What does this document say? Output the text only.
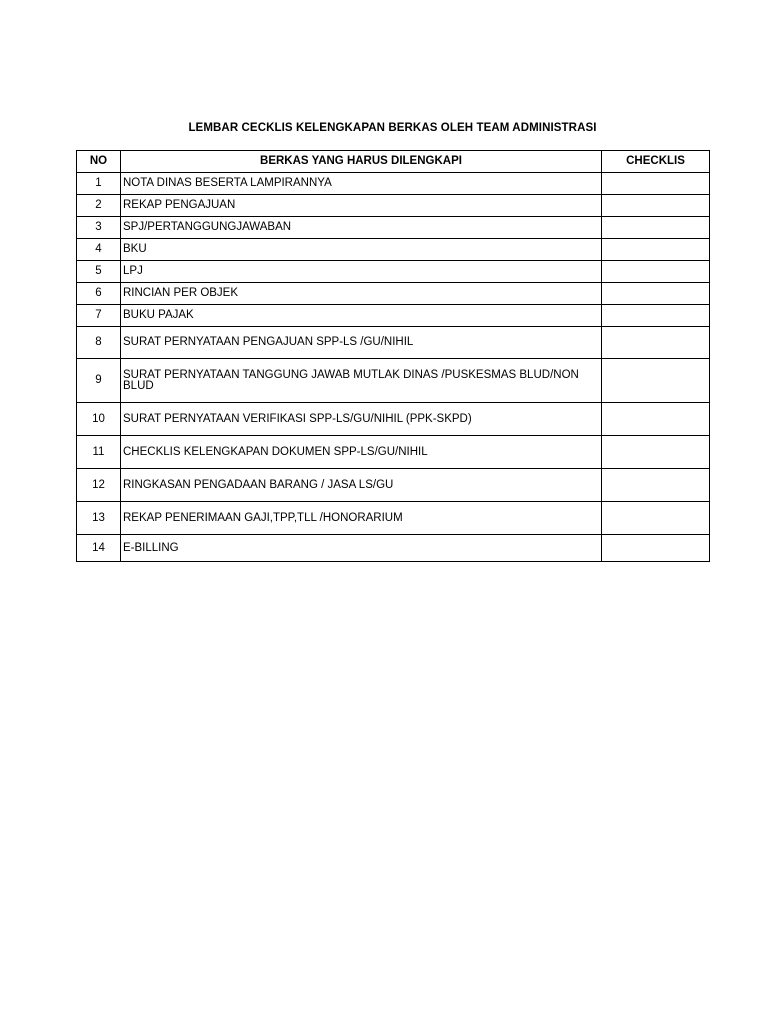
LEMBAR CECKLIS KELENGKAPAN BERKAS OLEH TEAM ADMINISTRASI
NO	BERKAS YANG HARUS DILENGKAPI	CHECKLIS
1	NOTA DINAS BESERTA LAMPIRANNYA	
2	REKAP PENGAJUAN	
3	SPJ/PERTANGGUNGJAWABAN	
4	BKU	
5	LPJ	
6	RINCIAN PER OBJEK	
7	BUKU PAJAK	
8	SURAT PERNYATAAN PENGAJUAN SPP-LS /GU/NIHIL	
9	SURAT PERNYATAAN TANGGUNG JAWAB MUTLAK DINAS /PUSKESMAS BLUD/NON BLUD	
10	SURAT PERNYATAAN VERIFIKASI SPP-LS/GU/NIHIL (PPK-SKPD)	
11	CHECKLIS KELENGKAPAN DOKUMEN SPP-LS/GU/NIHIL	
12	RINGKASAN PENGADAAN BARANG / JASA LS/GU	
13	REKAP PENERIMAAN GAJI,TPP,TLL /HONORARIUM	
14	E-BILLING	
